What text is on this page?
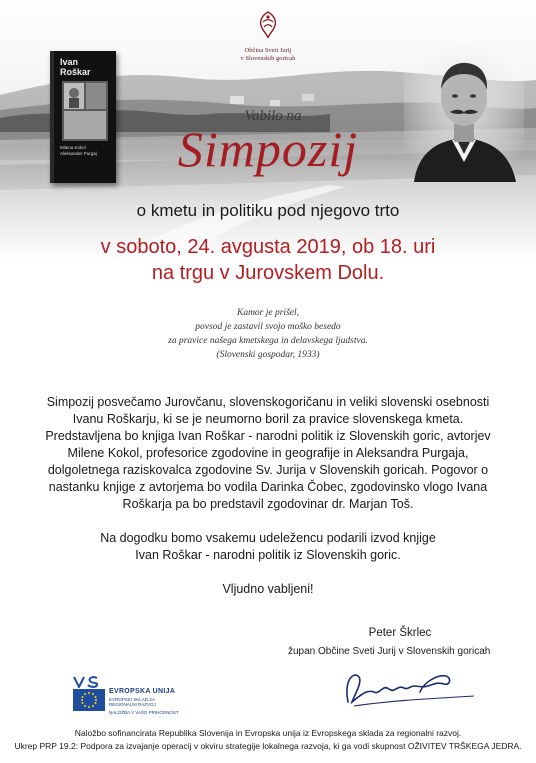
Občina Sveti Jurij
v Slovenskih goricah
Ivan
Roškar
Milena Kokol
Aleksander Purgaj
Vabilo na
Simpozij
o kmetu in politiku pod njegovo trto
v soboto, 24. avgusta 2019, ob 18. uri
na trgu v Jurovskem Dolu.
Kamor je prišel,
povsod je zastavil svojo moško besedo
za pravice našega kmetskega in delavskega ljudstva.
(Slovenski gospodar, 1933)

Simpozij posvečamo Jurovčanu, slovenskogoričanu in veliki slovenski osebnosti

Ivanu Roškarju, ki se je neumorno boril za pravice slovenskega kmeta.

Predstavljena bo knjiga Ivan Roškar - narodni politik iz Slovenskih goric, avtorjev

Milene Kokol, profesorice zgodovine in geografije in Aleksandra Purgaja,

dolgoletnega raziskovalca zgodovine Sv. Jurija v Slovenskih goricah. Pogovor o

nastanku knjige z avtorjema bo vodila Darinka Čobec, zgodovinsko vlogo Ivana

Roškarja pa bo predstavil zgodovinar dr. Marjan Toš.

Na dogodku bomo vsakemu udeležencu podarili izvod knjige

Ivan Roškar - narodni politik iz Slovenskih goric.

Vljudno vabljeni!

Peter Škrlec
župan Občine Sveti Jurij v Slovenskih goricah
EVROPSKA UNIJA
EVROPSKI SKLAD ZA
REGIONALNI RAZVOJ
NALOŽBA V VAŠO PRIHODNOST
Naložbo sofinancirata Republika Slovenija in Evropska unija iz Evropskega sklada za regionalni razvoj.
Ukrep PRP 19.2: Podpora za izvajanje operacij v okviru strategije lokalnega razvoja, ki ga vodi skupnost OŽIVITEV TRŠKEGA JEDRA.
